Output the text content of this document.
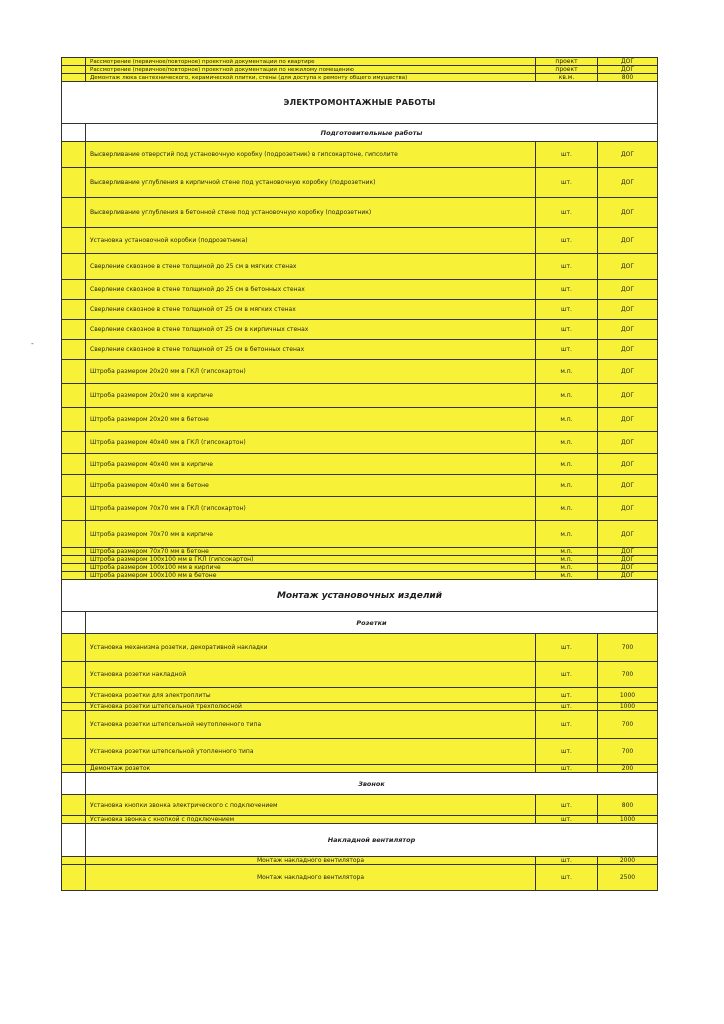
-
	Рассмотрение (первичное/повторное) проектной документации по квартире	проект	ДОГ
	Рассмотрение (первичное/повторное) проектной документации по нежилому помещению	проект	ДОГ
	Демонтаж люка сантехнического, керамической плитки, стены (для доступа к ремонту общего имущества)	кв.м.	800
ЭЛЕКТРОМОНТАЖНЫЕ РАБОТЫ			
	Подготовительные работы		
	Высверливание отверстий под установочную коробку (подрозетник) в гипсокартоне, гипсолите	шт.	ДОГ
	Высверливание углубления в кирпичной стене под установочную коробку (подрозетник)	шт.	ДОГ
	Высверливание углубления в бетонной стене под установочную коробку (подрозетник)	шт.	ДОГ
	Установка установочной коробки (подрозетника)	шт.	ДОГ
	Сверление сквозное в стене толщиной до 25 см в мягких стенах	шт.	ДОГ
	Сверление сквозное в стене толщиной до 25 см в бетонных стенах	шт.	ДОГ
	Сверление сквозное в стене толщиной от 25 см в мягких стенах	шт.	ДОГ
	Сверление сквозное в стене толщиной от 25 см в кирпичных стенах	шт.	ДОГ
	Сверление сквозное в стене толщиной от 25 см в бетонных стенах	шт.	ДОГ
	Штроба размером 20х20 мм в ГКЛ (гипсокартон)	м.п.	ДОГ
	Штроба размером 20х20 мм в кирпиче	м.п.	ДОГ
	Штроба размером 20х20 мм в бетоне	м.п.	ДОГ
	Штроба размером 40х40 мм в ГКЛ (гипсокартон)	м.п.	ДОГ
	Штроба размером 40х40 мм в кирпиче	м.п.	ДОГ
	Штроба размером 40х40 мм в бетоне	м.п.	ДОГ
	Штроба размером 70х70 мм в ГКЛ (гипсокартон)	м.п.	ДОГ
	Штроба размером 70х70 мм в кирпиче	м.п.	ДОГ
	Штроба размером 70х70 мм в бетоне	м.п.	ДОГ
	Штроба размером 100х100 мм в ГКЛ (гипсокартон)	м.п.	ДОГ
	Штроба размером 100х100 мм в кирпиче	м.п.	ДОГ
	Штроба размером 100х100 мм в бетоне	м.п.	ДОГ
Монтаж установочных изделий			
	Розетки		
	Установка механизма розетки, декоративной накладки	шт.	700
	Установка розетки накладной	шт.	700
	Установка розетки для электроплиты	шт.	1000
	Установка розетки штепсельной трехполюсной	шт.	1000
	Установка розетки штепсельной неутопленного типа	шт.	700
	Установка розетки штепсельной утопленного типа	шт.	700
	Демонтаж розеток	шт.	200
	Звонок		
	Установка кнопки звонка электрического с подключением	шт.	800
	Установка звонка с кнопкой с подключением	шт.	1000
	Накладной вентилятор		
	Монтаж накладного вентилятора	шт.	2000
	Монтаж накладного вентилятора	шт.	2500
